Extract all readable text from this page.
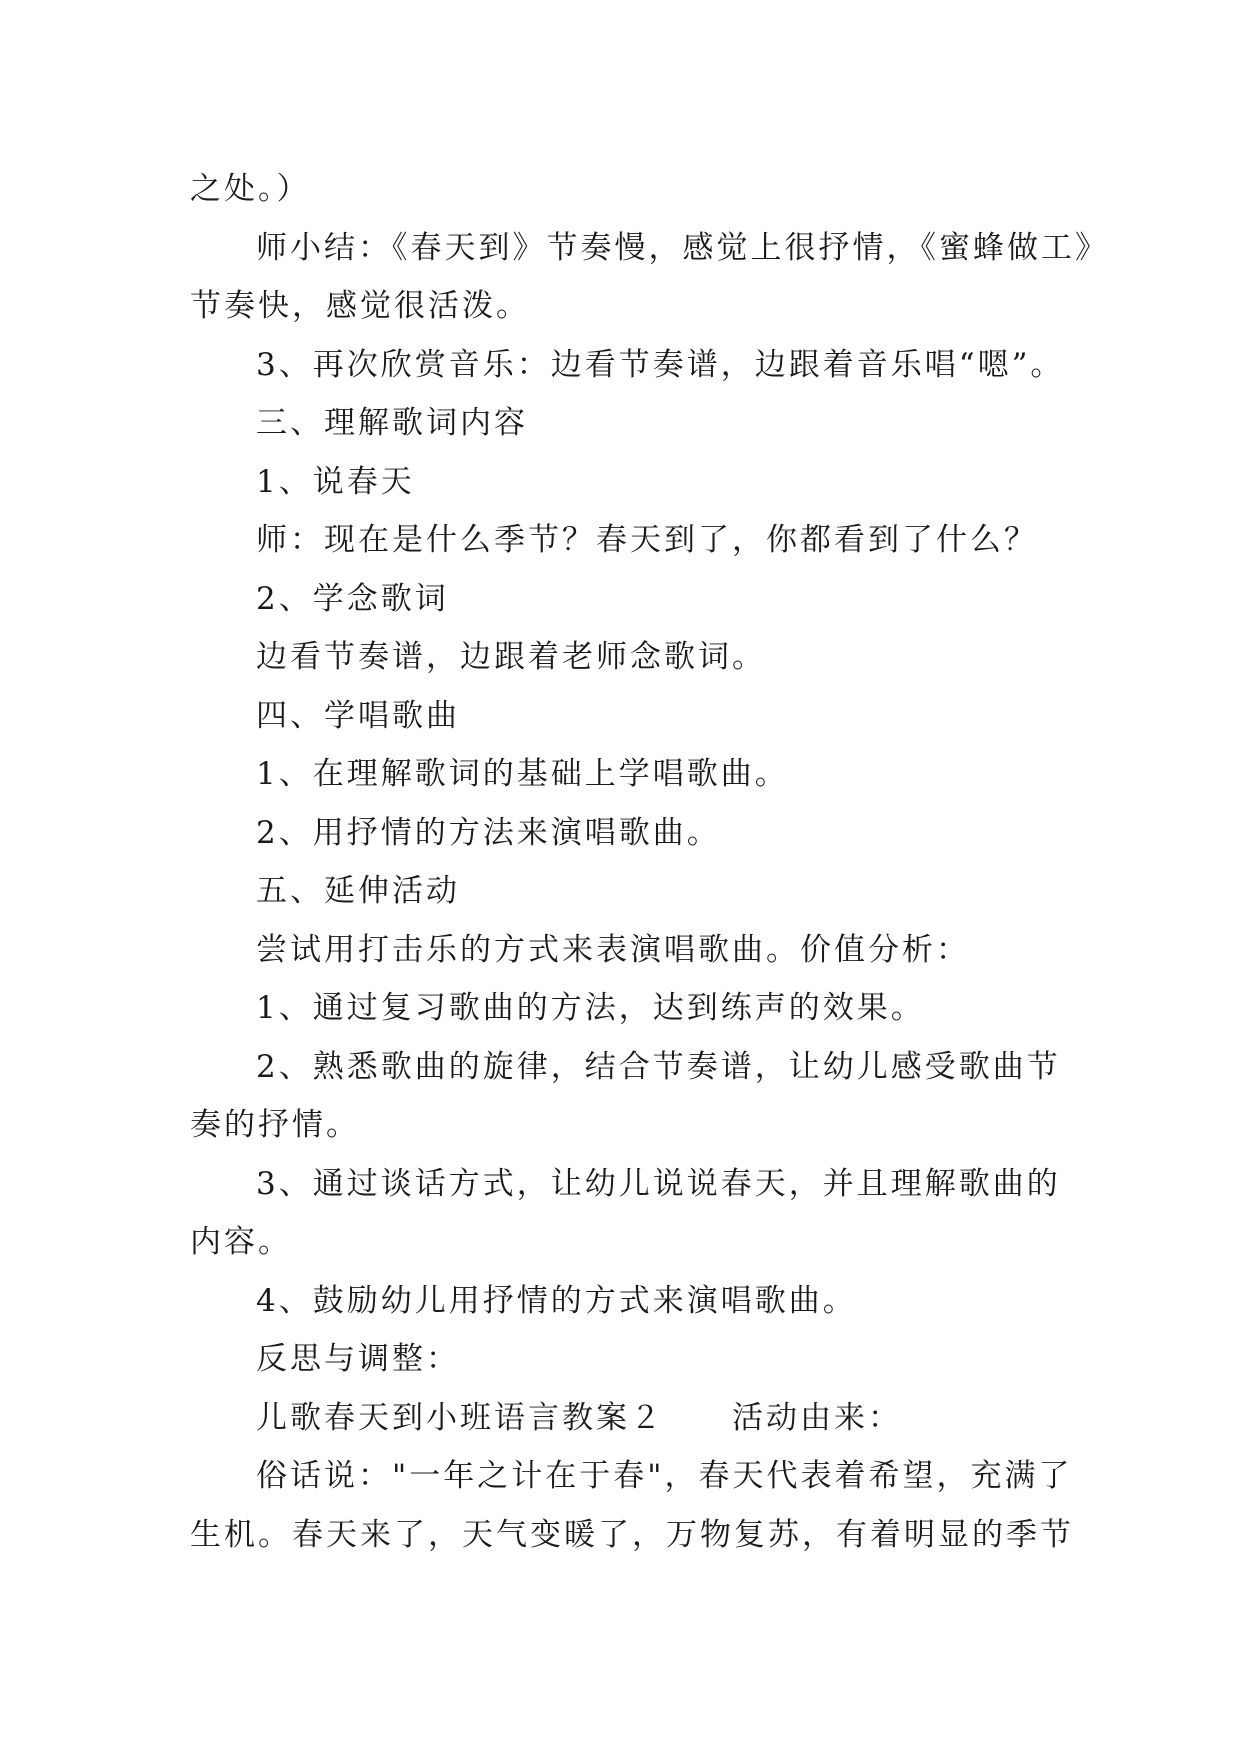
之处。）

师小结：《春天到》节奏慢，感觉上很抒情，《蜜蜂做工》

节奏快，感觉很活泼。

3、再次欣赏音乐：边看节奏谱，边跟着音乐唱“嗯”。

三、理解歌词内容

1、说春天

师：现在是什么季节？春天到了，你都看到了什么？

2、学念歌词

边看节奏谱，边跟着老师念歌词。

四、学唱歌曲

1、在理解歌词的基础上学唱歌曲。

2、用抒情的方法来演唱歌曲。

五、延伸活动

尝试用打击乐的方式来表演唱歌曲。价值分析：

1、通过复习歌曲的方法，达到练声的效果。

2、熟悉歌曲的旋律，结合节奏谱，让幼儿感受歌曲节

奏的抒情。

3、通过谈话方式，让幼儿说说春天，并且理解歌曲的

内容。

4、鼓励幼儿用抒情的方式来演唱歌曲。

反思与调整：

儿歌春天到小班语言教案２　　活动由来：

俗话说："一年之计在于春"，春天代表着希望，充满了

生机。春天来了，天气变暖了，万物复苏，有着明显的季节
